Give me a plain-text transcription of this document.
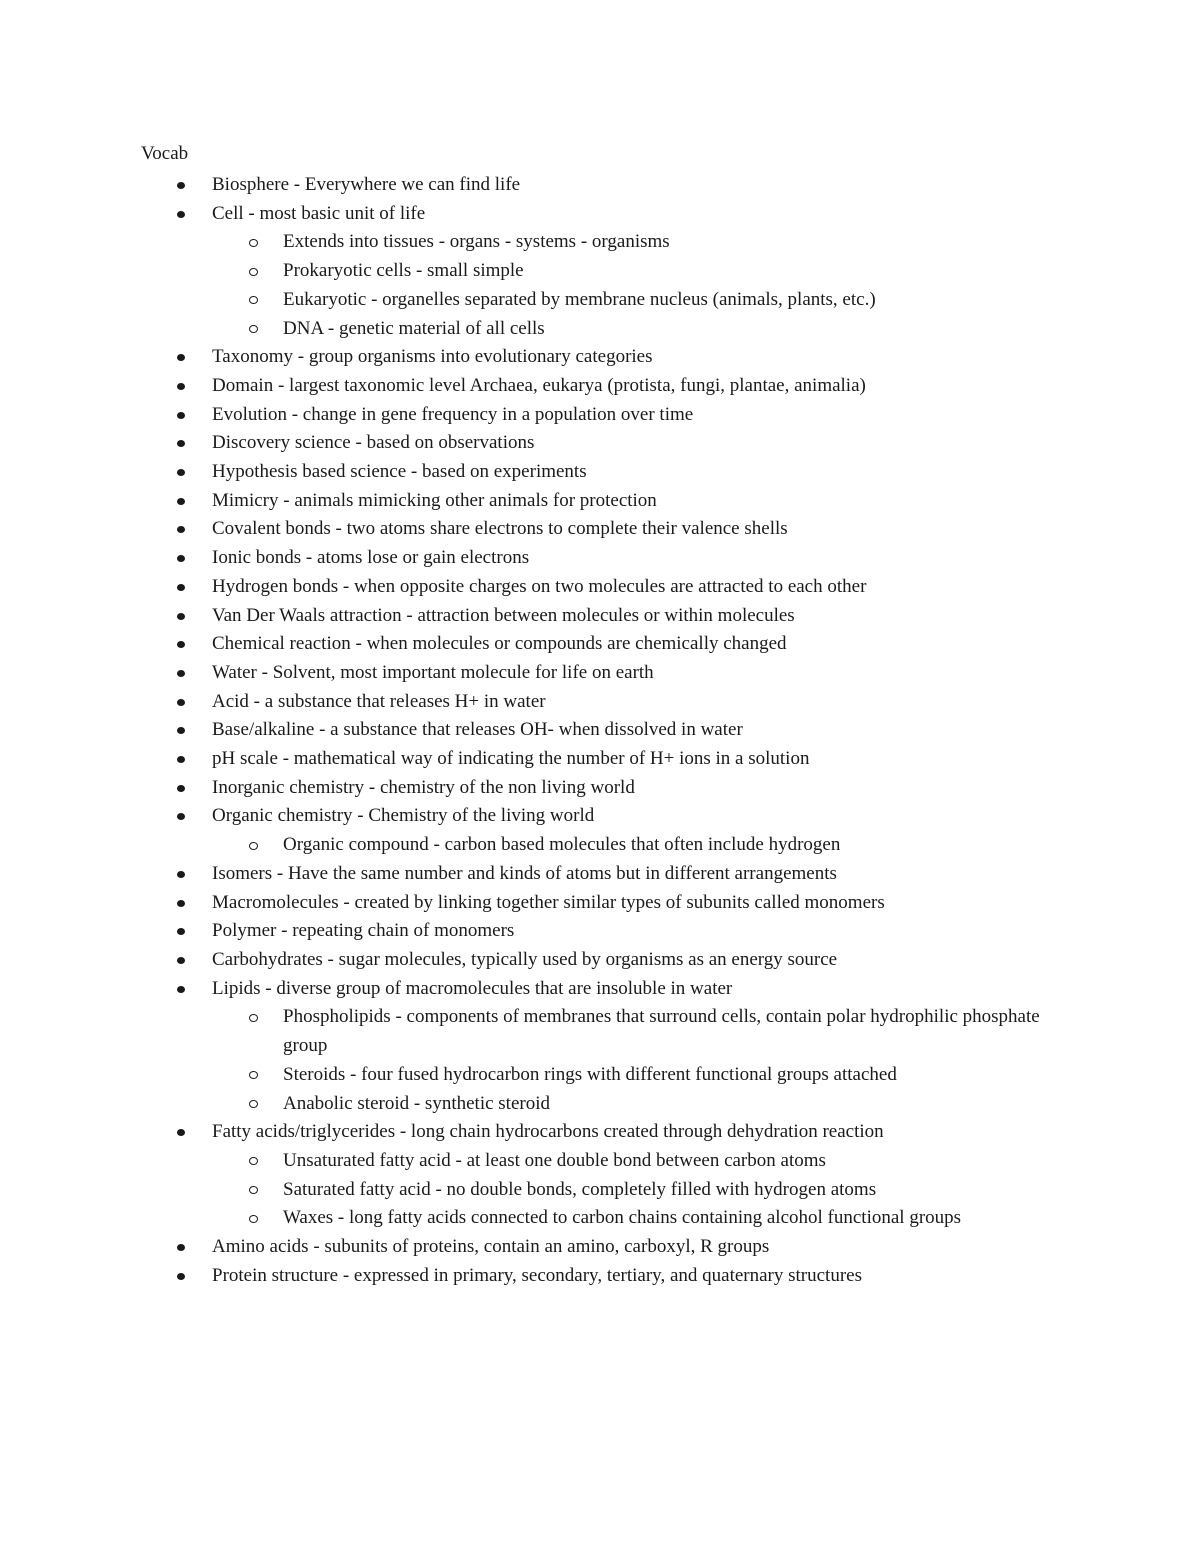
Vocab
Biosphere - Everywhere we can find life
Cell - most basic unit of life
Extends into tissues - organs - systems - organisms
Prokaryotic cells - small simple
Eukaryotic - organelles separated by membrane nucleus (animals, plants, etc.)
DNA - genetic material of all cells
Taxonomy - group organisms into evolutionary categories
Domain - largest taxonomic level Archaea, eukarya (protista, fungi, plantae, animalia)
Evolution - change in gene frequency in a population over time
Discovery science - based on observations
Hypothesis based science - based on experiments
Mimicry - animals mimicking other animals for protection
Covalent bonds - two atoms share electrons to complete their valence shells
Ionic bonds - atoms lose or gain electrons
Hydrogen bonds - when opposite charges on two molecules are attracted to each other
Van Der Waals attraction - attraction between molecules or within molecules
Chemical reaction - when molecules or compounds are chemically changed
Water - Solvent, most important molecule for life on earth
Acid - a substance that releases H+ in water
Base/alkaline - a substance that releases OH- when dissolved in water
pH scale - mathematical way of indicating the number of H+ ions in a solution
Inorganic chemistry - chemistry of the non living world
Organic chemistry - Chemistry of the living world
Organic compound - carbon based molecules that often include hydrogen
Isomers - Have the same number and kinds of atoms but in different arrangements
Macromolecules - created by linking together similar types of subunits called monomers
Polymer - repeating chain of monomers
Carbohydrates - sugar molecules, typically used by organisms as an energy source
Lipids - diverse group of macromolecules that are insoluble in water
Phospholipids - components of membranes that surround cells, contain polar hydrophilic phosphate group
Steroids - four fused hydrocarbon rings with different functional groups attached
Anabolic steroid - synthetic steroid
Fatty acids/triglycerides - long chain hydrocarbons created through dehydration reaction
Unsaturated fatty acid - at least one double bond between carbon atoms
Saturated fatty acid - no double bonds, completely filled with hydrogen atoms
Waxes - long fatty acids connected to carbon chains containing alcohol functional groups
Amino acids - subunits of proteins, contain an amino, carboxyl, R groups
Protein structure - expressed in primary, secondary, tertiary, and quaternary structures
